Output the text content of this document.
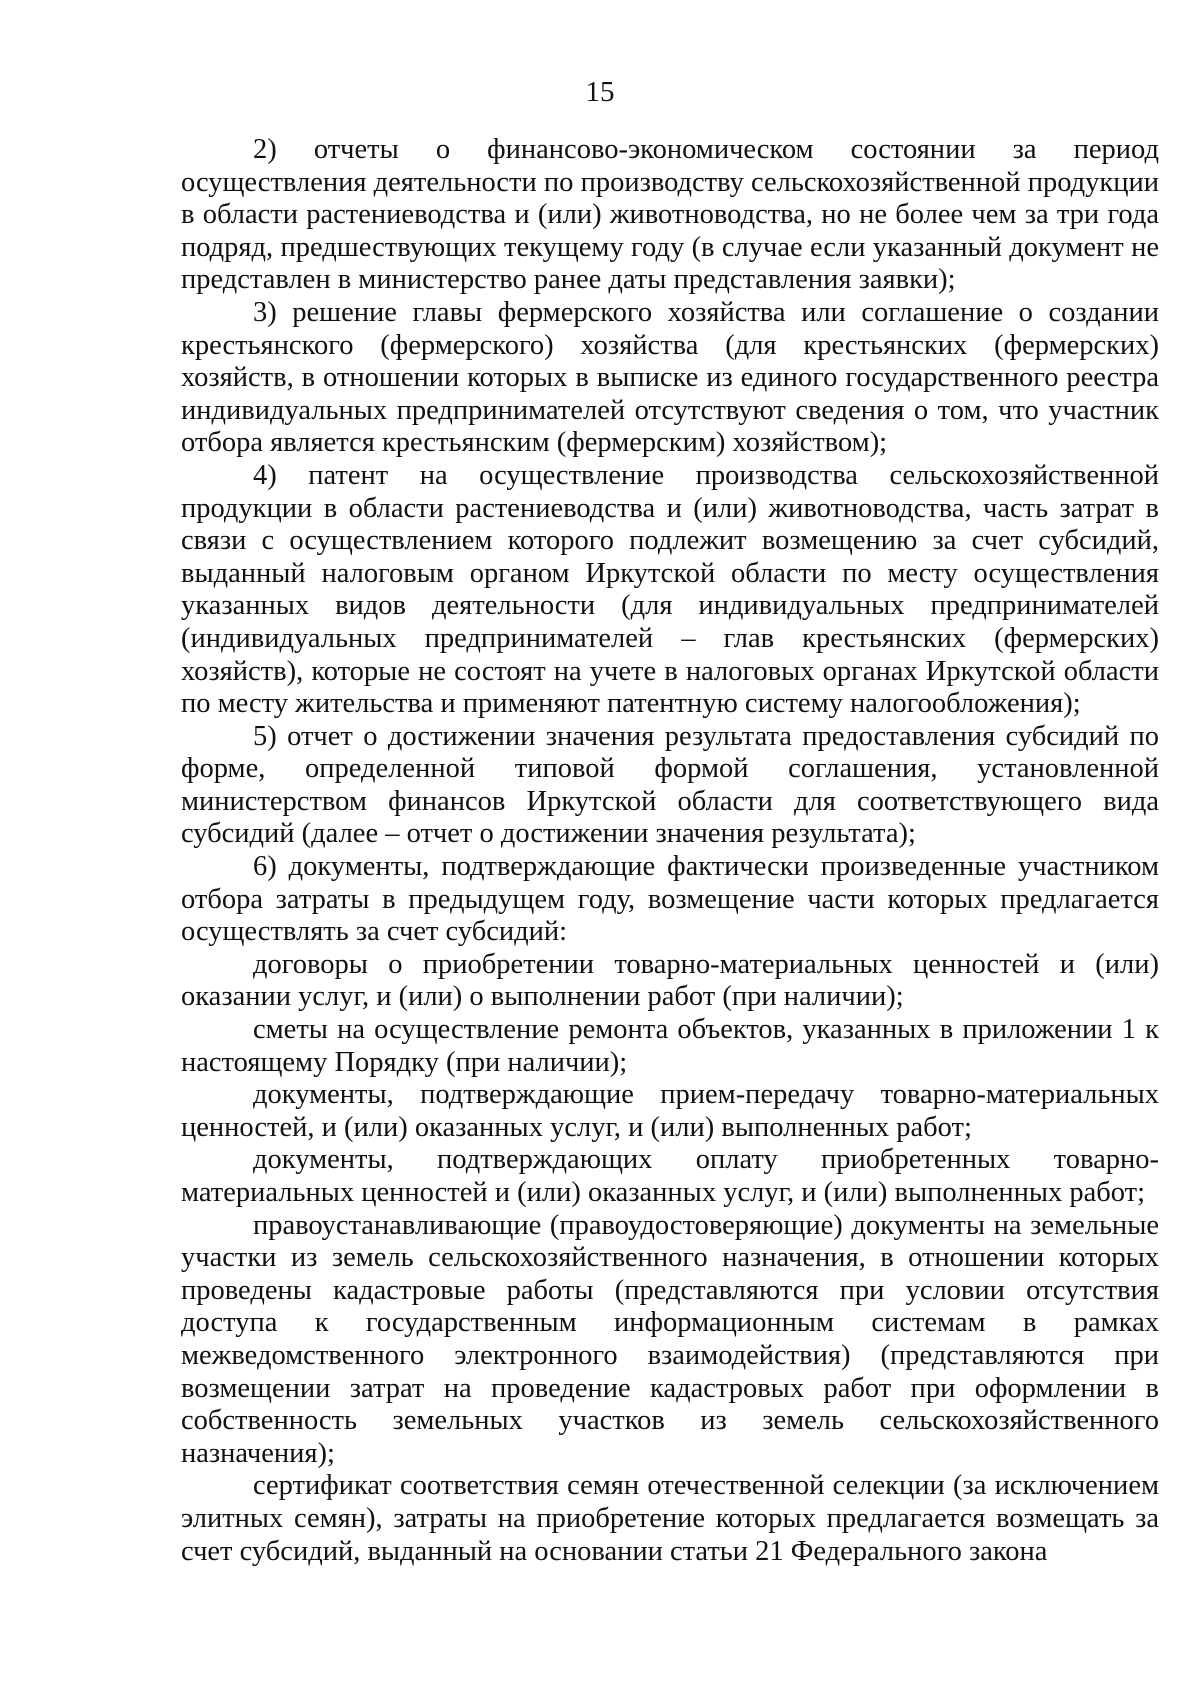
15

2) отчеты о финансово-экономическом состоянии за период осуществления деятельности по производству сельскохозяйственной продукции в области растениеводства и (или) животноводства, но не более чем за три года подряд, предшествующих текущему году (в случае если указанный документ не представлен в министерство ранее даты представления заявки);

3) решение главы фермерского хозяйства или соглашение о создании крестьянского (фермерского) хозяйства (для крестьянских (фермерских) хозяйств, в отношении которых в выписке из единого государственного реестра индивидуальных предпринимателей отсутствуют сведения о том, что участник отбора является крестьянским (фермерским) хозяйством);

4) патент на осуществление производства сельскохозяйственной продукции в области растениеводства и (или) животноводства, часть затрат в связи с осуществлением которого подлежит возмещению за счет субсидий, выданный налоговым органом Иркутской области по месту осуществления указанных видов деятельности (для индивидуальных предпринимателей (индивидуальных предпринимателей – глав крестьянских (фермерских) хозяйств), которые не состоят на учете в налоговых органах Иркутской области по месту жительства и применяют патентную систему налогообложения);

5) отчет о достижении значения результата предоставления субсидий по форме, определенной типовой формой соглашения, установленной министерством финансов Иркутской области для соответствующего вида субсидий (далее – отчет о достижении значения результата);

6) документы, подтверждающие фактически произведенные участником отбора затраты в предыдущем году, возмещение части которых предлагается осуществлять за счет субсидий:

договоры о приобретении товарно-материальных ценностей и (или) оказании услуг, и (или) о выполнении работ (при наличии);

сметы на осуществление ремонта объектов, указанных в приложении 1 к настоящему Порядку (при наличии);

документы, подтверждающие прием-передачу товарно-материальных ценностей, и (или) оказанных услуг, и (или) выполненных работ;

документы, подтверждающих оплату приобретенных товарно-материальных ценностей и (или) оказанных услуг, и (или) выполненных работ;

правоустанавливающие (правоудостоверяющие) документы на земельные участки из земель сельскохозяйственного назначения, в отношении которых проведены кадастровые работы (представляются при условии отсутствия доступа к государственным информационным системам в рамках межведомственного электронного взаимодействия) (представляются при возмещении затрат на проведение кадастровых работ при оформлении в собственность земельных участков из земель сельскохозяйственного назначения);

сертификат соответствия семян отечественной селекции (за исключением элитных семян), затраты на приобретение которых предлагается возмещать за счет субсидий, выданный на основании статьи 21 Федерального закона
